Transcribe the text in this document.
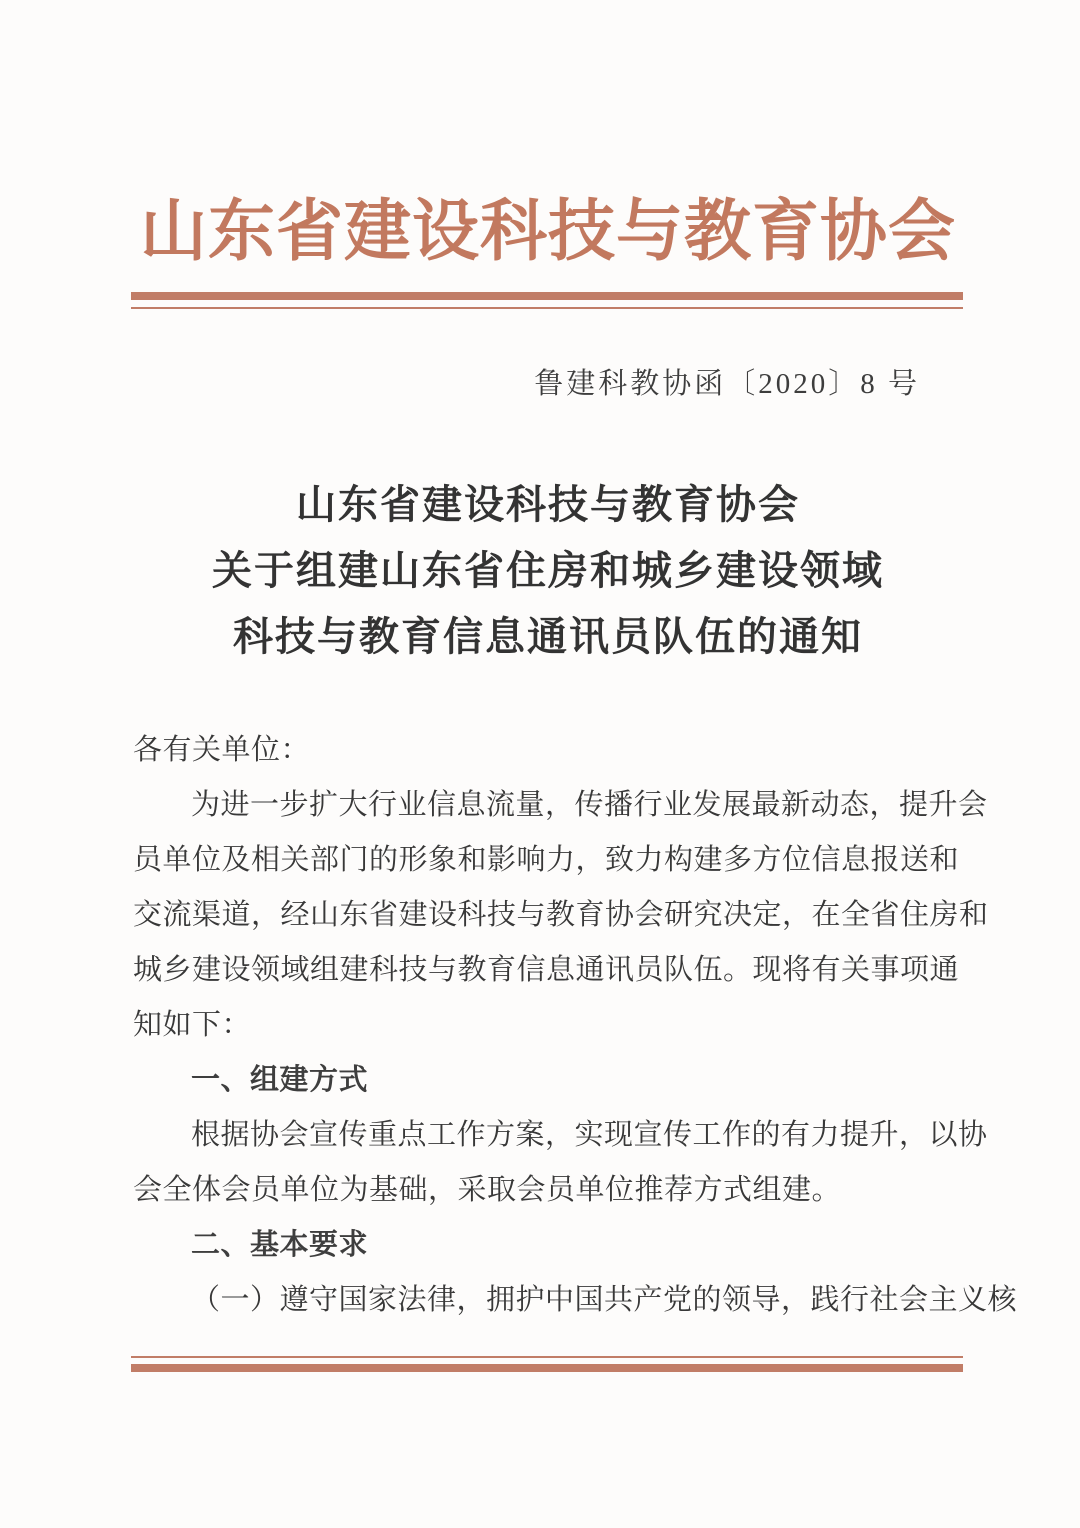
山东省建设科技与教育协会
鲁建科教协函〔2020〕8 号
山东省建设科技与教育协会
关于组建山东省住房和城乡建设领域
科技与教育信息通讯员队伍的通知
各有关单位：
为进一步扩大行业信息流量，传播行业发展最新动态，提升会
员单位及相关部门的形象和影响力，致力构建多方位信息报送和
交流渠道，经山东省建设科技与教育协会研究决定，在全省住房和
城乡建设领域组建科技与教育信息通讯员队伍。现将有关事项通
知如下：
一、组建方式
根据协会宣传重点工作方案，实现宣传工作的有力提升，以协
会全体会员单位为基础，采取会员单位推荐方式组建。
二、基本要求
（一）遵守国家法律，拥护中国共产党的领导，践行社会主义核
